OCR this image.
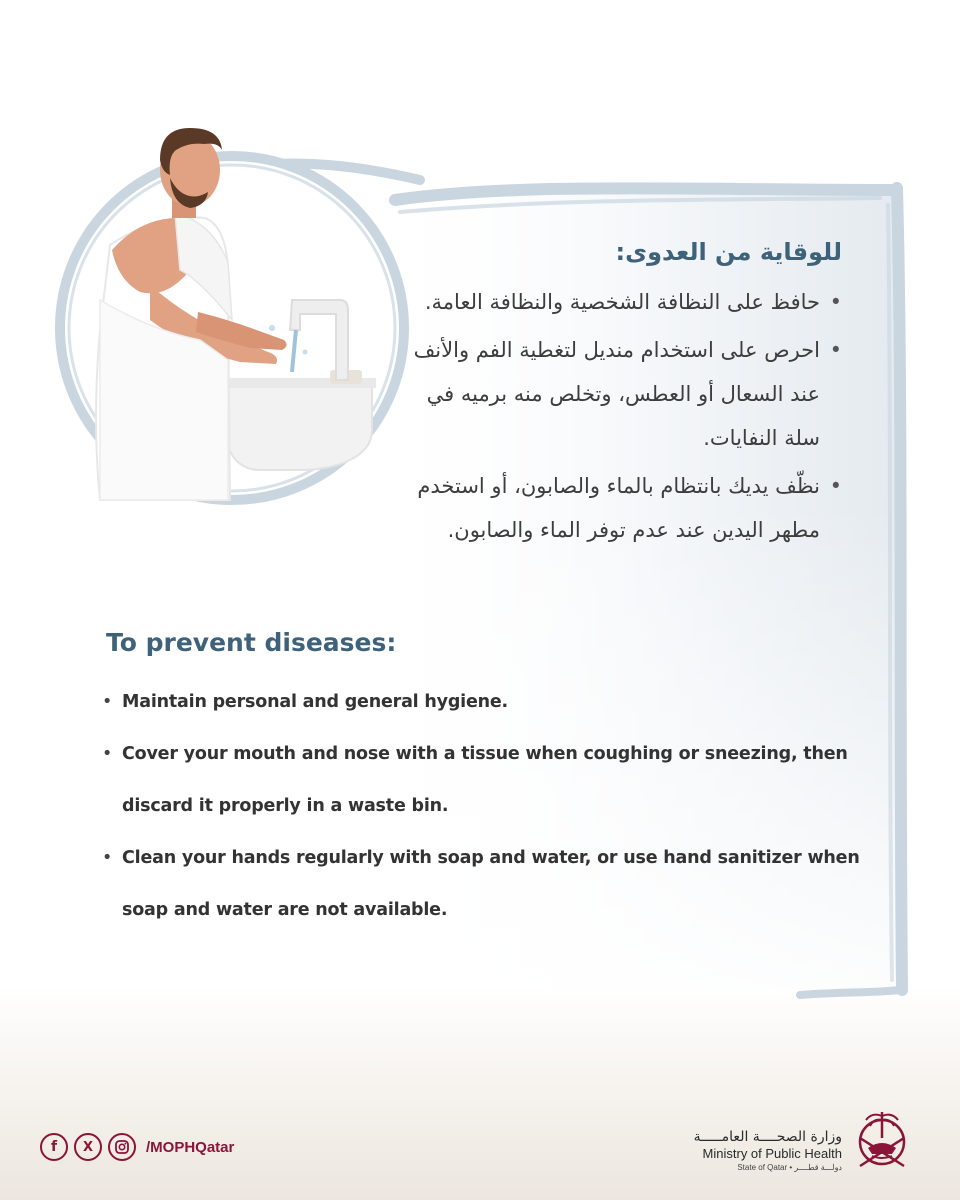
للوقاية من العدوى:
• حافظ على النظافة الشخصية والنظافة العامة.
• احرص على استخدام منديل لتغطية الفم والأنف عند السعال أو العطس، وتخلص منه برميه في سلة النفايات.
• نظّف يديك بانتظام بالماء والصابون، أو استخدم مطهر اليدين عند عدم توفر الماء والصابون.
To prevent diseases:
• Maintain personal and general hygiene.
• Cover your mouth and nose with a tissue when coughing or sneezing, then discard it properly in a waste bin.
• Clean your hands regularly with soap and water, or use hand sanitizer when soap and water are not available.
f	X	/MOPHQatar
وزارة الصحــــة العامـــــة
Ministry of Public Health
State of Qatar • دولـــة قطــــر
